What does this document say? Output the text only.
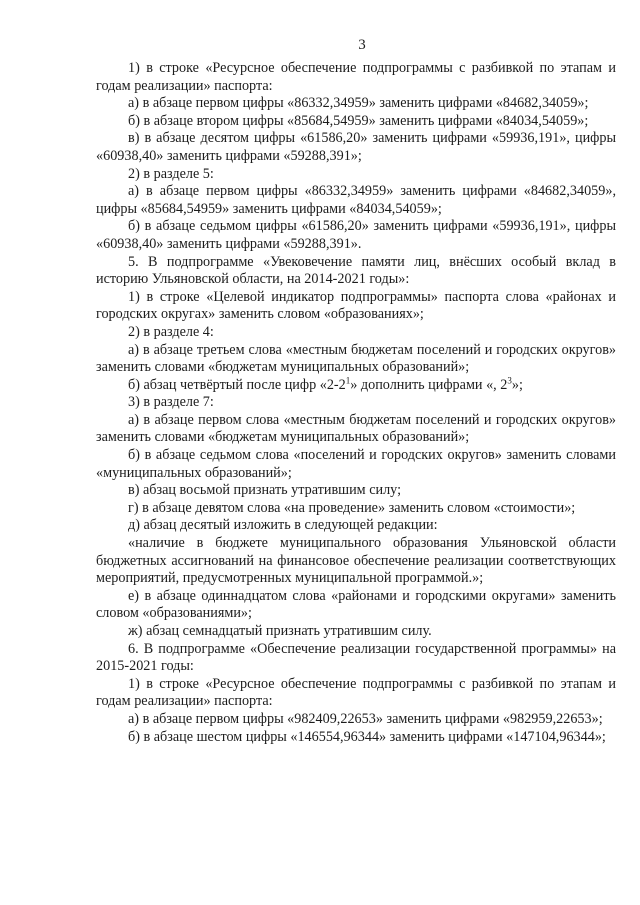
3

1) в строке «Ресурсное обеспечение подпрограммы с разбивкой по этапам и годам реализации» паспорта:

а) в абзаце первом цифры «86332,34959» заменить цифрами «84682,34059»;

б) в абзаце втором цифры «85684,54959» заменить цифрами «84034,54059»;

в) в абзаце десятом цифры «61586,20» заменить цифрами «59936,191», цифры «60938,40» заменить цифрами «59288,391»;

2) в разделе 5:

а) в абзаце первом цифры «86332,34959» заменить цифрами «84682,34059», цифры «85684,54959» заменить цифрами «84034,54059»;

б) в абзаце седьмом цифры «61586,20» заменить цифрами «59936,191», цифры «60938,40» заменить цифрами «59288,391».

5. В подпрограмме «Увековечение памяти лиц, внёсших особый вклад в историю Ульяновской области, на 2014-2021 годы»:

1) в строке «Целевой индикатор подпрограммы» паспорта слова «районах и городских округах» заменить словом «образованиях»;

2) в разделе 4:

а) в абзаце третьем слова «местным бюджетам поселений и городских округов» заменить словами «бюджетам муниципальных образований»;

б) абзац четвёртый после цифр «$2-2^1$» дополнить цифрами «, $2^3$»;

3) в разделе 7:

а) в абзаце первом слова «местным бюджетам поселений и городских округов» заменить словами «бюджетам муниципальных образований»;

б) в абзаце седьмом слова «поселений и городских округов» заменить словами «муниципальных образований»;

в) абзац восьмой признать утратившим силу;

г) в абзаце девятом слова «на проведение» заменить словом «стоимости»;

д) абзац десятый изложить в следующей редакции:

«наличие в бюджете муниципального образования Ульяновской области бюджетных ассигнований на финансовое обеспечение реализации соответствующих мероприятий, предусмотренных муниципальной программой.»;

е) в абзаце одиннадцатом слова «районами и городскими округами» заменить словом «образованиями»;

ж) абзац семнадцатый признать утратившим силу.

6. В подпрограмме «Обеспечение реализации государственной программы» на 2015-2021 годы:

1) в строке «Ресурсное обеспечение подпрограммы с разбивкой по этапам и годам реализации» паспорта:

а) в абзаце первом цифры «982409,22653» заменить цифрами «982959,22653»;

б) в абзаце шестом цифры «146554,96344» заменить цифрами «147104,96344»;
